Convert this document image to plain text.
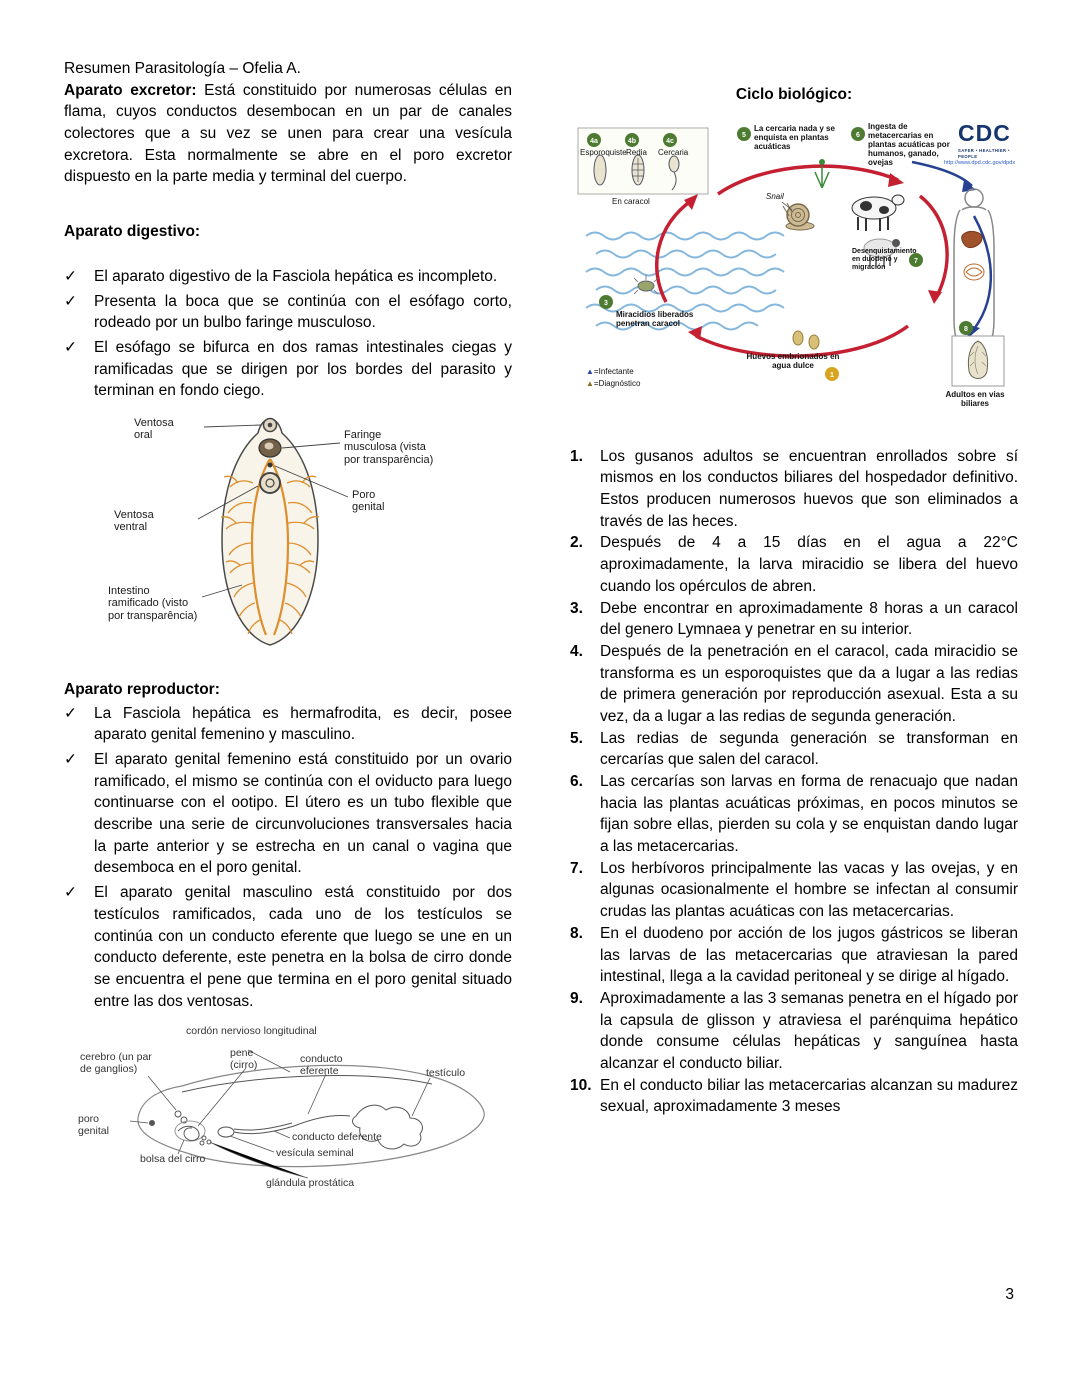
Resumen Parasitología – Ofelia A.

Aparato excretor: Está constituido por numerosas células en flama, cuyos conductos desembocan en un par de canales colectores que a su vez se unen para crear una vesícula excretora. Esta normalmente se abre en el poro excretor dispuesto en la parte media y terminal del cuerpo.

Aparato digestivo:

✓	El aparato digestivo de la Fasciola hepática es incompleto.
✓	Presenta la boca que se continúa con el esófago corto, rodeado por un bulbo faringe musculoso.
✓	El esófago se bifurca en dos ramas intestinales ciegas y ramificadas que se dirigen por los bordes del parasito y terminan en fondo ciego.
Ventosa oral	Faringe musculosa (vista por transparência)
Poro genital
Ventosa ventral
Intestino ramificado (visto por transparência)

Aparato reproductor:

✓	La Fasciola hepática es hermafrodita, es decir, posee aparato genital femenino y masculino.
✓	El aparato genital femenino está constituido por un ovario ramificado, el mismo se continúa con el oviducto para luego continuarse con el ootipo. El útero es un tubo flexible que describe una serie de circunvoluciones transversales hacia la parte anterior y se estrecha en un canal o vagina que desemboca en el poro genital.
✓	El aparato genital masculino está constituido por dos testículos ramificados, cada uno de los testículos se continúa con un conducto eferente que luego se une en un conducto deferente, este penetra en la bolsa de cirro donde se encuentra el pene que termina en el poro genital situado entre las dos ventosas.
cordón nervioso longitudinal
cerebro (un par de ganglios)
pene (cirro)	conducto eferente	testículo
poro genital
bolsa del cirro
conducto deferente
vesícula seminal
glándula prostática

Ciclo biológico:

4a	4b	4c
5	6
3
7
8
1
Esporoquiste Redia	Cercaria
En caracol
La cercaria nada y se enquista en plantas acuáticas
Ingesta de metacercarias en plantas acuáticas por humanos, ganado, ovejas
CDC
SAFER • HEALTHIER • PEOPLE
http://www.dpd.cdc.gov/dpdx
Snail
Miracidios liberados penetran caracol
Huevos embrionados en agua dulce
Desenquistamiento en duodeno y migración
Adultos en vias biliares
▲=Infectante
▲=Diagnóstico
1.	Los gusanos adultos se encuentran enrollados sobre sí mismos en los conductos biliares del hospedador definitivo. Estos producen numerosos huevos que son eliminados a través de las heces.
2.	Después de 4 a 15 días en el agua a 22°C aproximadamente, la larva miracidio se libera del huevo cuando los opérculos de abren.
3.	Debe encontrar en aproximadamente 8 horas a un caracol del genero Lymnaea y penetrar en su interior.
4.	Después de la penetración en el caracol, cada miracidio se transforma es un esporoquistes que da a lugar a las redias de primera generación por reproducción asexual. Esta a su vez, da a lugar a las redias de segunda generación.
5.	Las redias de segunda generación se transforman en cercarías que salen del caracol.
6.	Las cercarías son larvas en forma de renacuajo que nadan hacia las plantas acuáticas próximas, en pocos minutos se fijan sobre ellas, pierden su cola y se enquistan dando lugar a las metacercarias.
7.	Los herbívoros principalmente las vacas y las ovejas, y en algunas ocasionalmente el hombre se infectan al consumir crudas las plantas acuáticas con las metacercarias.
8.	En el duodeno por acción de los jugos gástricos se liberan las larvas de las metacercarias que atraviesan la pared intestinal, llega a la cavidad peritoneal y se dirige al hígado.
9.	Aproximadamente a las 3 semanas penetra en el hígado por la capsula de glisson y atraviesa el parénquima hepático donde consume células hepáticas y sanguínea hasta alcanzar el conducto biliar.
10. En el conducto biliar las metacercarias alcanzan su madurez sexual, aproximadamente 3 meses
3
